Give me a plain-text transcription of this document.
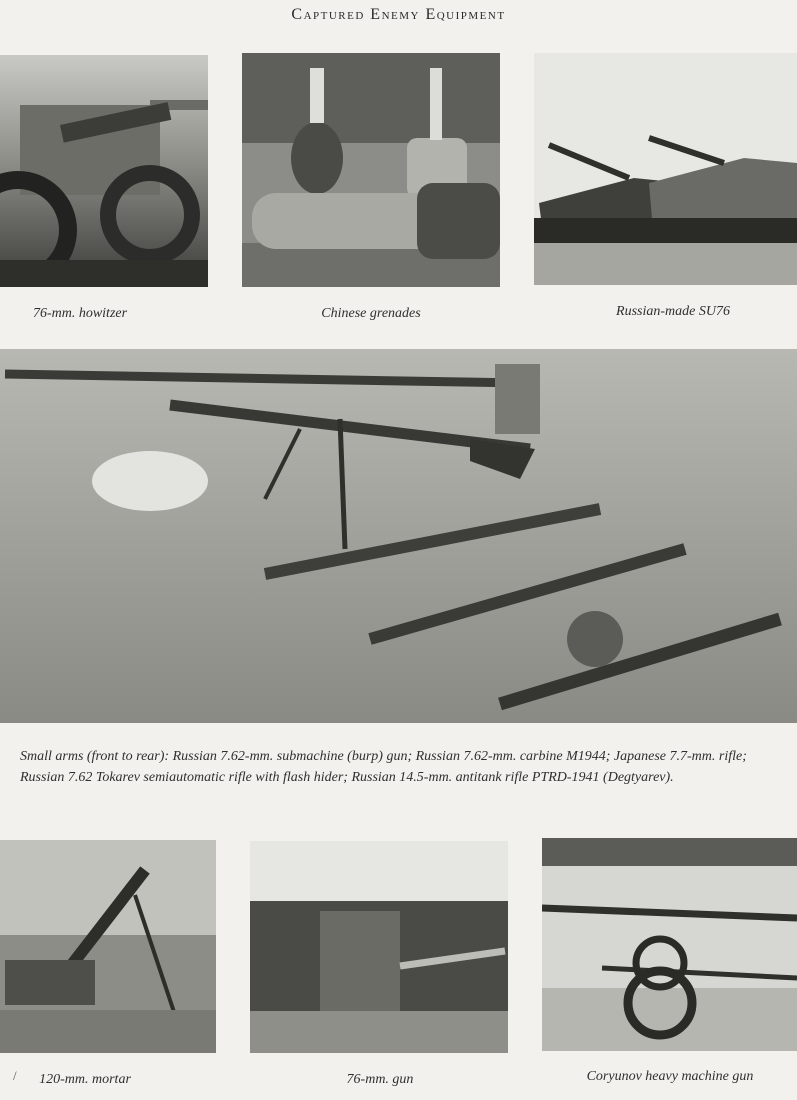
Captured Enemy Equipment
76-mm. howitzer	Chinese grenades	Russian-made SU76
Small arms (front to rear): Russian 7.62-mm. submachine (burp) gun; Russian 7.62-mm. carbine M1944; Japanese 7.7-mm. rifle; Russian 7.62 Tokarev semiautomatic rifle with flash hider; Russian 14.5-mm. antitank rifle PTRD-1941 (Degtyarev).
120-mm. mortar	76-mm. gun	Coryunov heavy machine gun
/
